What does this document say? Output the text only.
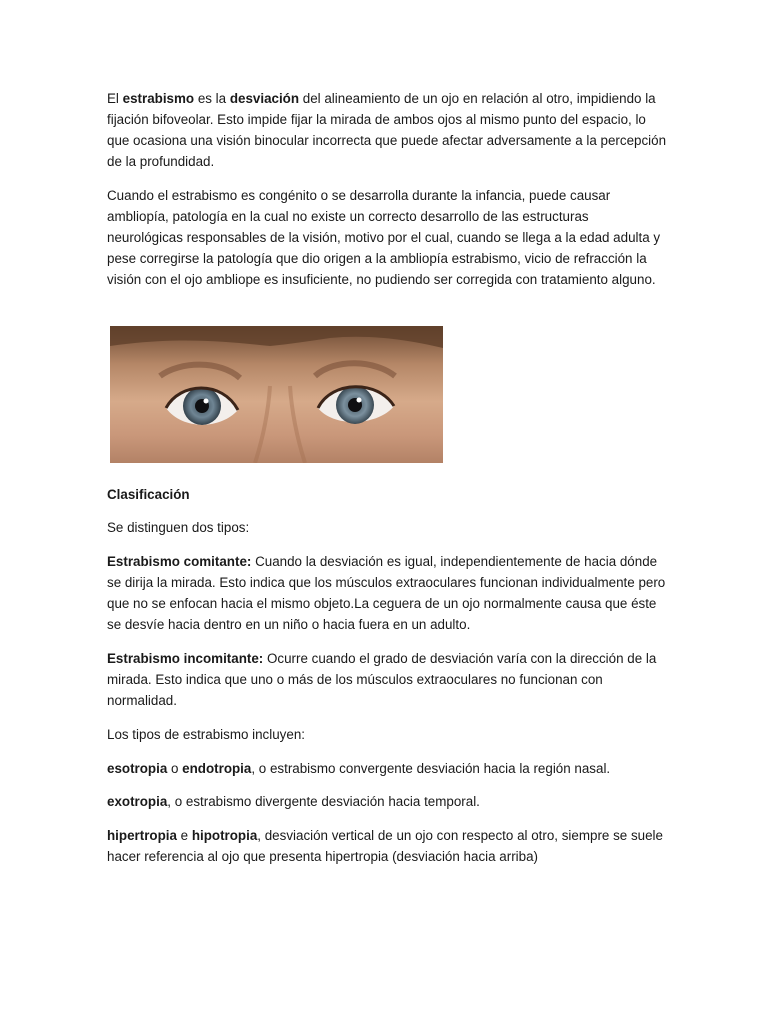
El estrabismo es la desviación del alineamiento de un ojo en relación al otro, impidiendo la fijación bifoveolar. Esto impide fijar la mirada de ambos ojos al mismo punto del espacio, lo que ocasiona una visión binocular incorrecta que puede afectar adversamente a la percepción de la profundidad.

Cuando el estrabismo es congénito o se desarrolla durante la infancia, puede causar ambliopía, patología en la cual no existe un correcto desarrollo de las estructuras neurológicas responsables de la visión, motivo por el cual, cuando se llega a la edad adulta y pese corregirse la patología que dio origen a la ambliopía estrabismo, vicio de refracción la visión con el ojo ambliope es insuficiente, no pudiendo ser corregida con tratamiento alguno.

Clasificación

Se distinguen dos tipos:

Estrabismo comitante: Cuando la desviación es igual, independientemente de hacia dónde se dirija la mirada. Esto indica que los músculos extraoculares funcionan individualmente pero que no se enfocan hacia el mismo objeto.La ceguera de un ojo normalmente causa que éste se desvíe hacia dentro en un niño o hacia fuera en un adulto.

Estrabismo incomitante: Ocurre cuando el grado de desviación varía con la dirección de la mirada. Esto indica que uno o más de los músculos extraoculares no funcionan con normalidad.

Los tipos de estrabismo incluyen:

esotropia o endotropia, o estrabismo convergente desviación hacia la región nasal.

exotropia, o estrabismo divergente desviación hacia temporal.

hipertropia e hipotropia, desviación vertical de un ojo con respecto al otro, siempre se suele hacer referencia al ojo que presenta hipertropia (desviación hacia arriba)
